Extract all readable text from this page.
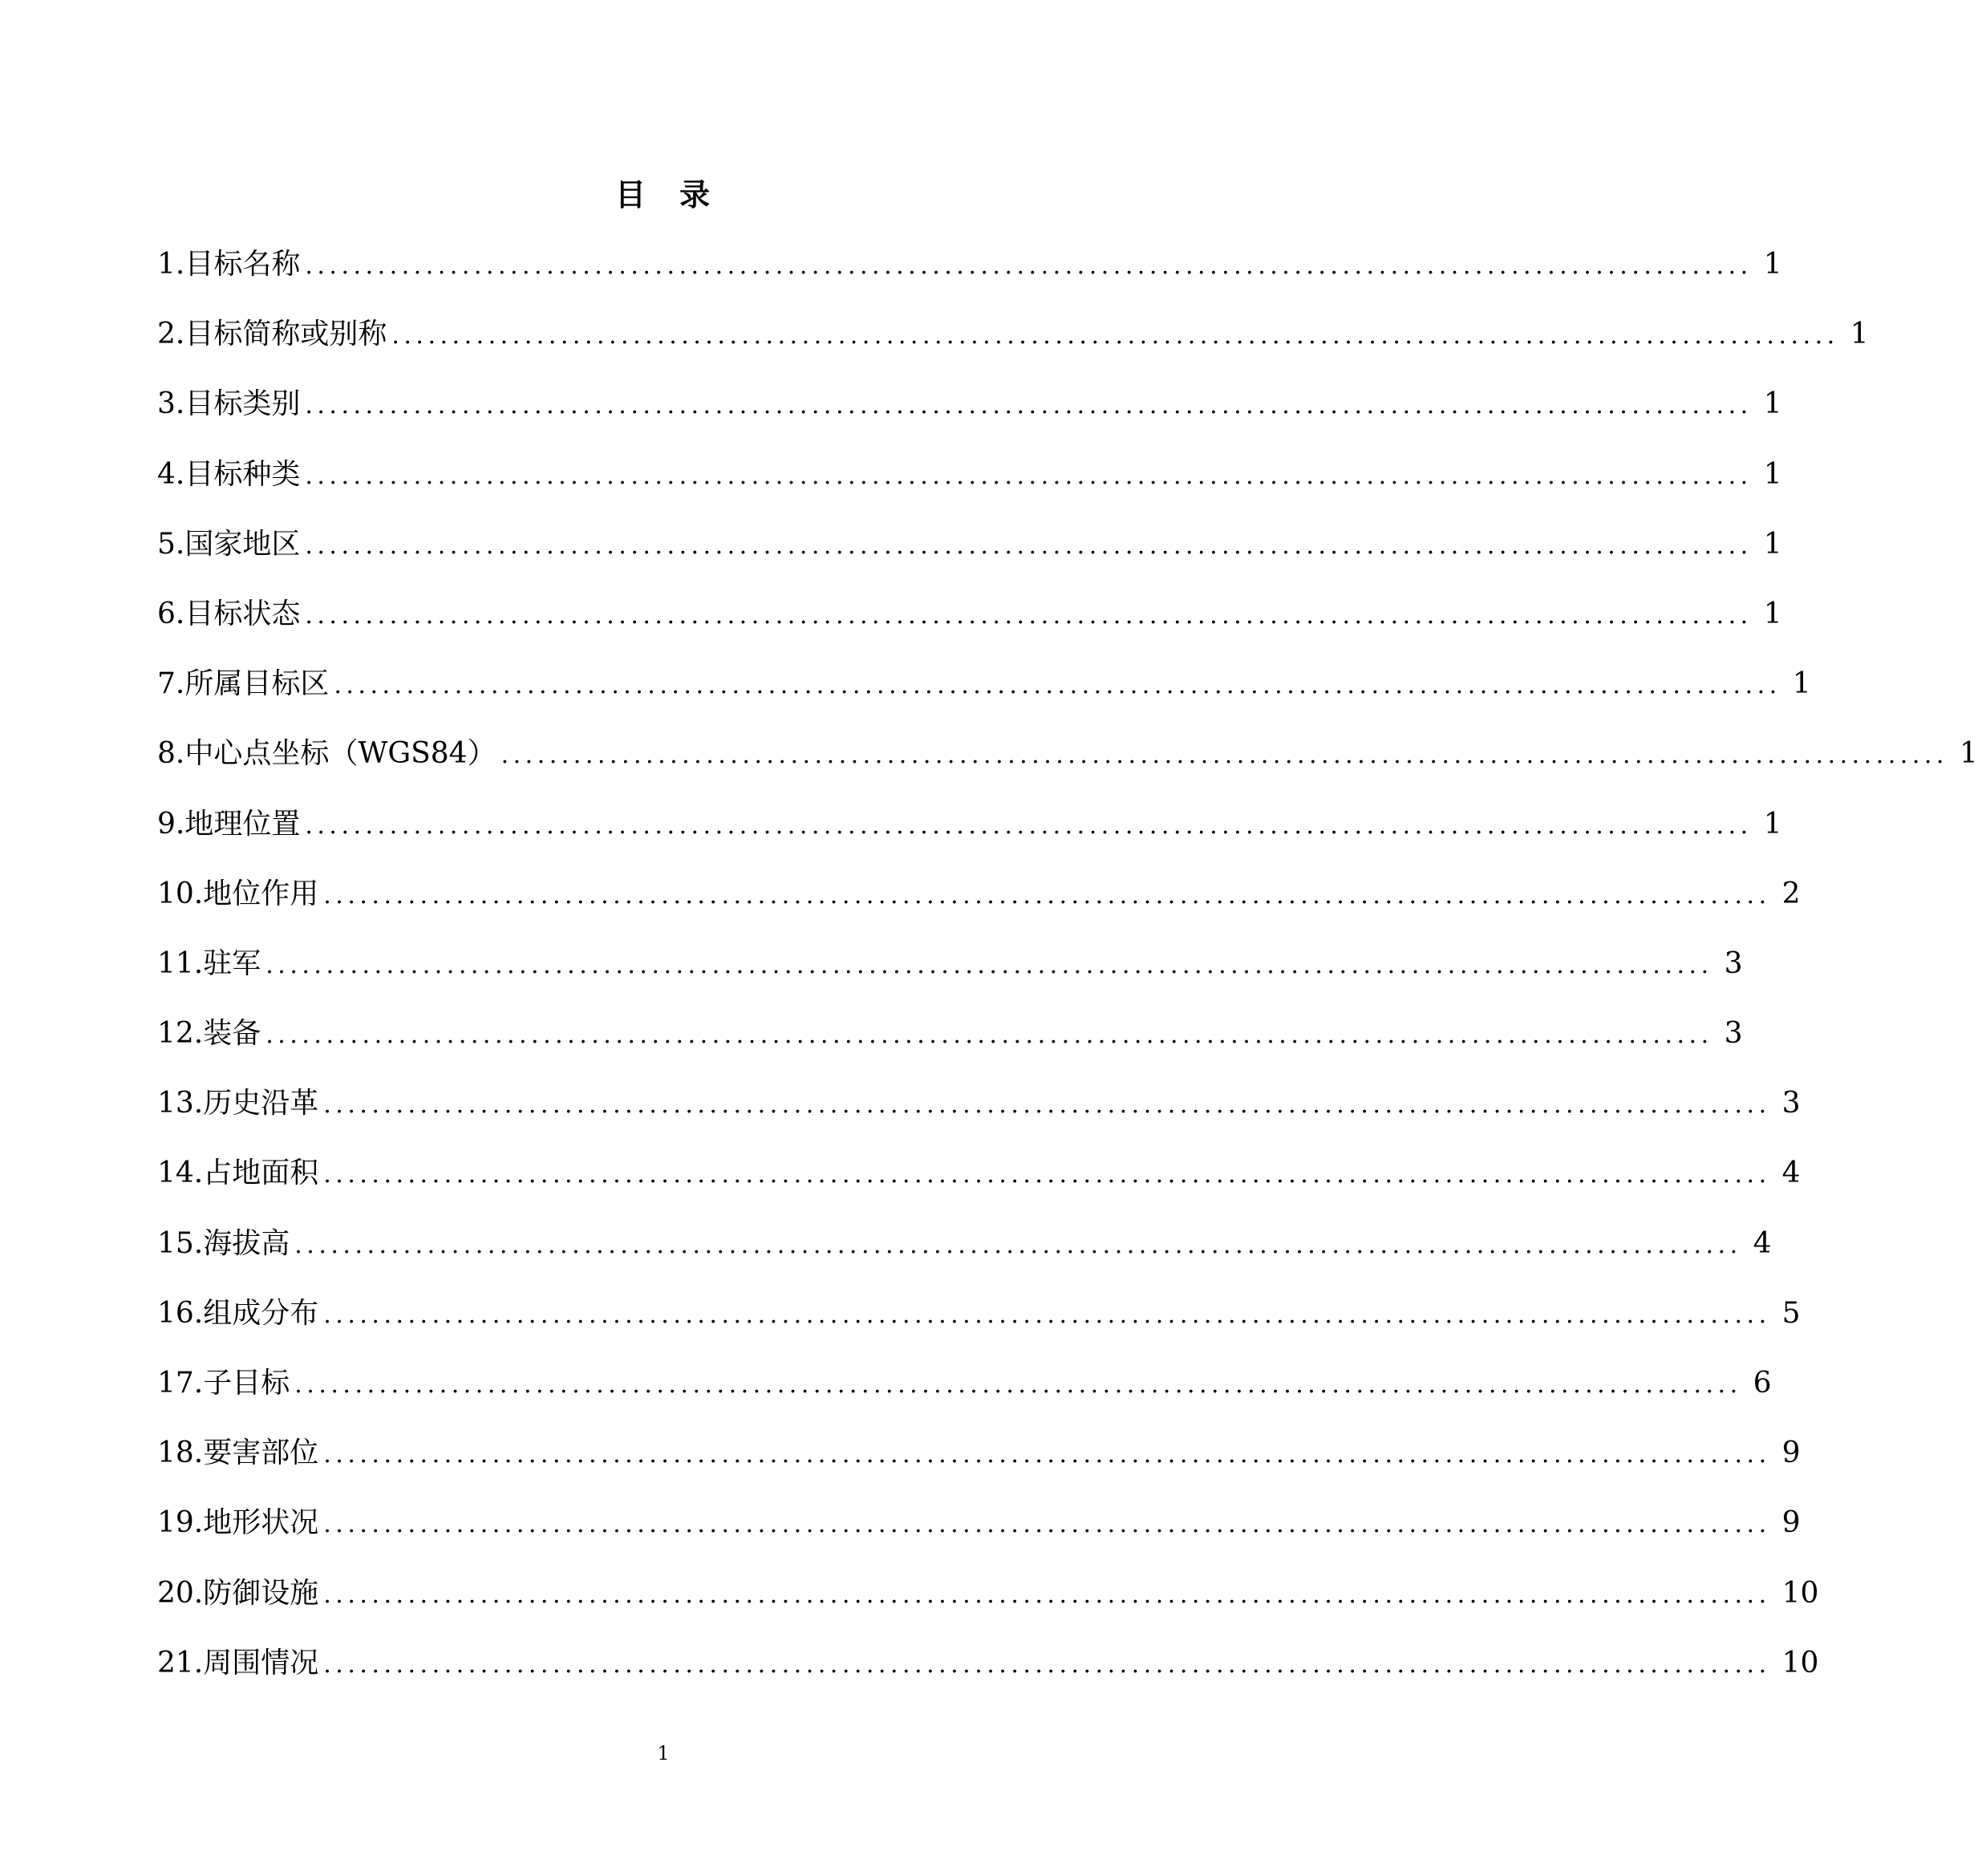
目 录
1.目标名称 ........................................................................................................................ 1
2.目标简称或别称 ........................................................................................................................ 1
3.目标类别 ........................................................................................................................ 1
4.目标种类 ........................................................................................................................ 1
5.国家地区 ........................................................................................................................ 1
6.目标状态 ........................................................................................................................ 1
7.所属目标区 ........................................................................................................................ 1
8.中心点坐标（WGS84） ........................................................................................................................ 1
9.地理位置 ........................................................................................................................ 1
10.地位作用 ........................................................................................................................ 2
11.驻军 ........................................................................................................................ 3
12.装备 ........................................................................................................................ 3
13.历史沿革 ........................................................................................................................ 3
14.占地面积 ........................................................................................................................ 4
15.海拔高 ........................................................................................................................ 4
16.组成分布 ........................................................................................................................ 5
17.子目标 ........................................................................................................................ 6
18.要害部位 ........................................................................................................................ 9
19.地形状况 ........................................................................................................................ 9
20.防御设施 ........................................................................................................................ 10
21.周围情况 ........................................................................................................................ 10
1
